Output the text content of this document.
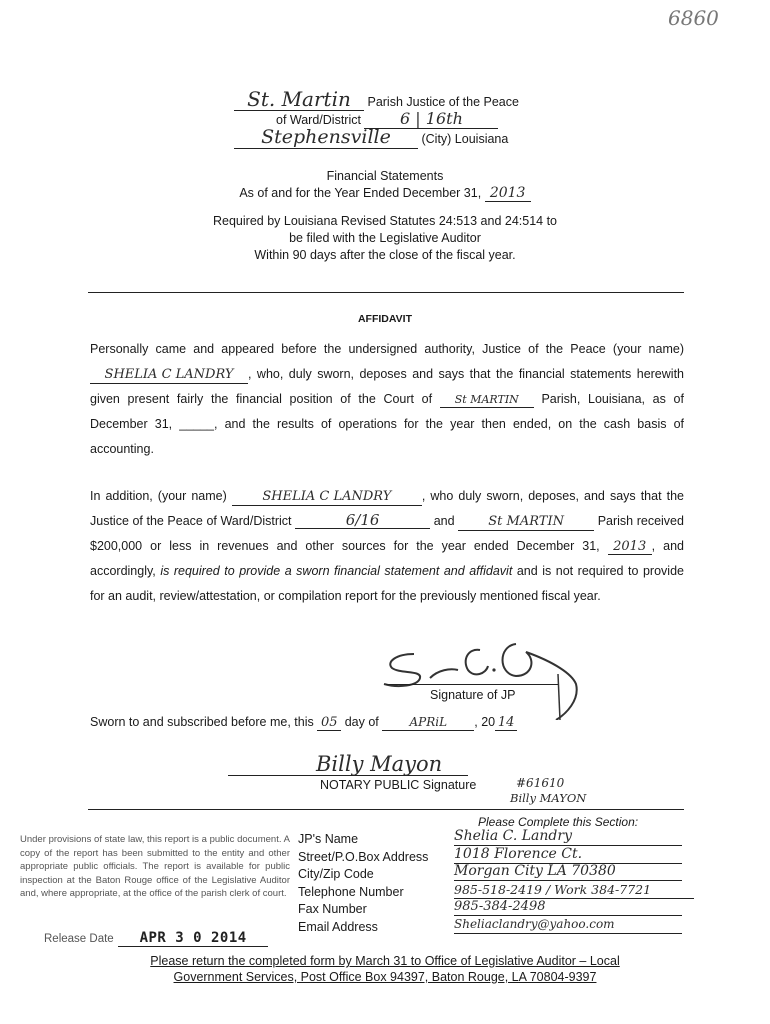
6860
St. Martin Parish Justice of the Peace
of Ward/District 6 | 16th
Stephensville (City) Louisiana
Financial Statements
As of and for the Year Ended December 31, 2013
Required by Louisiana Revised Statutes 24:513 and 24:514 to
be filed with the Legislative Auditor
Within 90 days after the close of the fiscal year.
AFFIDAVIT
Personally came and appeared before the undersigned authority, Justice of the Peace (your name) SHELIA C LANDRY , who, duly sworn, deposes and says that the financial statements herewith given present fairly the financial position of the Court of St MARTIN Parish, Louisiana, as of December 31, _____, and the results of operations for the year then ended, on the cash basis of accounting.
In addition, (your name)	SHELIA C LANDRY , who duly sworn, deposes, and says that the Justice of the Peace of Ward/District	6/16	and	St MARTIN	Parish received $200,000 or less in revenues and other sources for the year ended December 31, 2013 , and accordingly, is required to provide a sworn financial statement and affidavit and is not required to provide for an audit, review/attestation, or compilation report for the previously mentioned fiscal year.
Signature of JP
Sworn to and subscribed before me, this 05 day of	APRiL , 20 14
Billy Mayon
NOTARY PUBLIC Signature	#61610
Billy MAYON
Please Complete this Section:
Under provisions of state law, this report is a public document. A copy of the report has been submitted to the entity and other appropriate public officials. The report is available for public inspection at the Baton Rouge office of the Legislative Auditor and, where appropriate, at the office of the parish clerk of court.
JP's Name	Shelia C. Landry
Street/P.O.Box Address 1018 Florence Ct.
City/Zip Code	Morgan City LA 70380
Telephone Number	985-518-2419 / Work 384-7721
Fax Number	985-384-2498
Email Address	Sheliaclandry@yahoo.com
Release Date APR 3 0 2014
Please return the completed form by March 31 to Office of Legislative Auditor – Local
Government Services, Post Office Box 94397, Baton Rouge, LA 70804-9397
